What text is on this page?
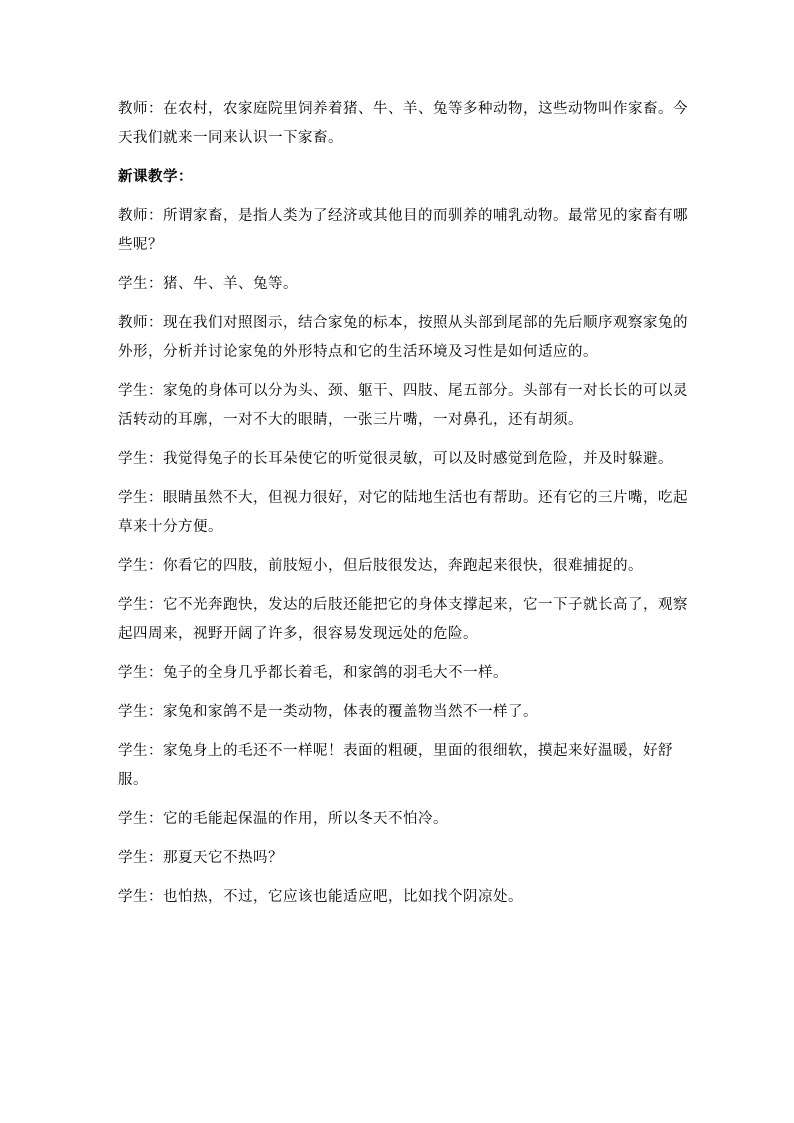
教师：在农村，农家庭院里饲养着猪、牛、羊、兔等多种动物，这些动物叫作家畜。今天我们就来一同来认识一下家畜。

新课教学：

教师：所谓家畜，是指人类为了经济或其他目的而驯养的哺乳动物。最常见的家畜有哪些呢？

学生：猪、牛、羊、兔等。

教师：现在我们对照图示，结合家兔的标本，按照从头部到尾部的先后顺序观察家兔的外形，分析并讨论家兔的外形特点和它的生活环境及习性是如何适应的。

学生：家兔的身体可以分为头、颈、躯干、四肢、尾五部分。头部有一对长长的可以灵活转动的耳廓，一对不大的眼睛，一张三片嘴，一对鼻孔，还有胡须。

学生：我觉得兔子的长耳朵使它的听觉很灵敏，可以及时感觉到危险，并及时躲避。

学生：眼睛虽然不大，但视力很好，对它的陆地生活也有帮助。还有它的三片嘴，吃起草来十分方便。

学生：你看它的四肢，前肢短小，但后肢很发达，奔跑起来很快，很难捕捉的。

学生：它不光奔跑快，发达的后肢还能把它的身体支撑起来，它一下子就长高了，观察起四周来，视野开阔了许多，很容易发现远处的危险。

学生：兔子的全身几乎都长着毛，和家鸽的羽毛大不一样。

学生：家兔和家鸽不是一类动物，体表的覆盖物当然不一样了。

学生：家兔身上的毛还不一样呢！表面的粗硬，里面的很细软，摸起来好温暖，好舒服。

学生：它的毛能起保温的作用，所以冬天不怕冷。

学生：那夏天它不热吗？

学生：也怕热，不过，它应该也能适应吧，比如找个阴凉处。
